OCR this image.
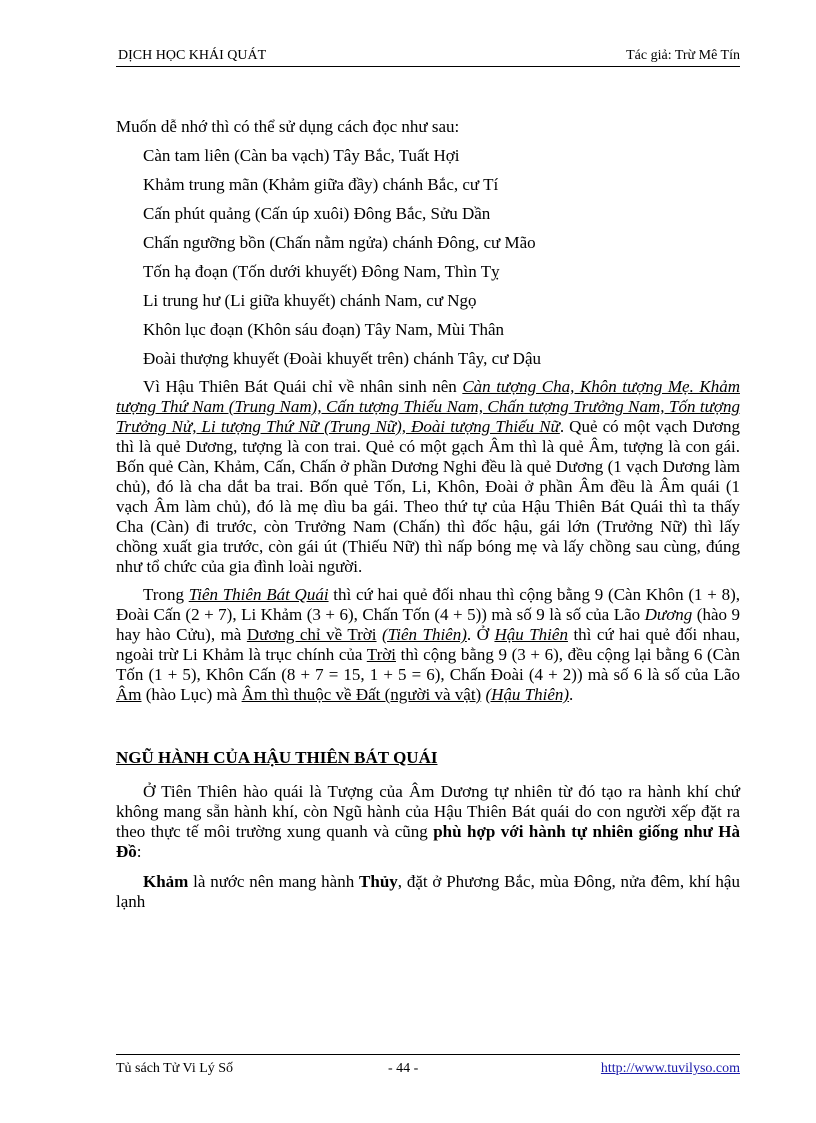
DỊCH HỌC KHÁI QUÁT	Tác giả: Trừ Mê Tín

Muốn dễ nhớ thì có thể sử dụng cách đọc như sau:

Càn tam liên (Càn ba vạch) Tây Bắc, Tuất Hợi

Khảm trung mãn (Khảm giữa đầy) chánh Bắc, cư Tí

Cấn phút quảng (Cấn úp xuôi) Đông Bắc, Sửu Dần

Chấn ngưỡng bồn (Chấn nằm ngửa) chánh Đông, cư Mão

Tốn hạ đoạn (Tốn dưới khuyết) Đông Nam, Thìn Tỵ

Li trung hư (Li giữa khuyết) chánh Nam, cư Ngọ

Khôn lục đoạn (Khôn sáu đoạn) Tây Nam, Mùi Thân

Đoài thượng khuyết (Đoài khuyết trên) chánh Tây, cư Dậu

Vì Hậu Thiên Bát Quái chỉ về nhân sinh nên Càn tượng Cha, Khôn tượng Mẹ. Khảm tượng Thứ Nam (Trung Nam), Cấn tượng Thiếu Nam, Chấn tượng Trưởng Nam, Tốn tượng Trưởng Nử, Li tượng Thứ Nữ (Trung Nữ), Đoài tượng Thiếu Nữ. Quẻ có một vạch Dương thì là quẻ Dương, tượng là con trai. Quẻ có một gạch Âm thì là quẻ Âm, tượng là con gái. Bốn quẻ Càn, Khảm, Cấn, Chấn ở phần Dương Nghi đều là quẻ Dương (1 vạch Dương làm chủ), đó là cha dắt ba trai. Bốn quẻ Tốn, Li, Khôn, Đoài ở phần Âm đều là Âm quái (1 vạch Âm làm chủ), đó là mẹ dìu ba gái. Theo thứ tự của Hậu Thiên Bát Quái thì ta thấy Cha (Càn) đi trước, còn Trưởng Nam (Chấn) thì đốc hậu, gái lớn (Trưởng Nữ) thì lấy chồng xuất gia trước, còn gái út (Thiếu Nữ) thì nấp bóng mẹ và lấy chồng sau cùng, đúng như tổ chức của gia đình loài người.

Trong Tiên Thiên Bát Quái thì cứ hai quẻ đối nhau thì cộng bằng 9 (Càn Khôn (1 + 8), Đoài Cấn (2 + 7), Li Khảm (3 + 6), Chấn Tốn (4 + 5)) mà số 9 là số của Lão Dương (hào 9 hay hào Cửu), mà Dương chỉ về Trời (Tiên Thiên). Ở Hậu Thiên thì cứ hai quẻ đối nhau, ngoài trừ Li Khảm là trục chính của Trời thì cộng bằng 9 (3 + 6), đều cộng lại bằng 6 (Càn Tốn (1 + 5), Khôn Cấn (8 + 7 = 15, 1 + 5 = 6), Chấn Đoài (4 + 2)) mà số 6 là số của Lão Âm (hào Lục) mà Âm thì thuộc về Đất (người và vật) (Hậu Thiên).

NGŨ HÀNH CỦA HẬU THIÊN BÁT QUÁI

Ở Tiên Thiên hào quái là Tượng của Âm Dương tự nhiên từ đó tạo ra hành khí chứ không mang sẵn hành khí, còn Ngũ hành của Hậu Thiên Bát quái do con người xếp đặt ra theo thực tế môi trường xung quanh và cũng phù hợp với hành tự nhiên giống như Hà Đồ:

Khảm là nước nên mang hành Thủy, đặt ở Phương Bắc, mùa Đông, nửa đêm, khí hậu lạnh

Tủ sách Tử Vi Lý Số	- 44 -	http://www.tuvilyso.com
